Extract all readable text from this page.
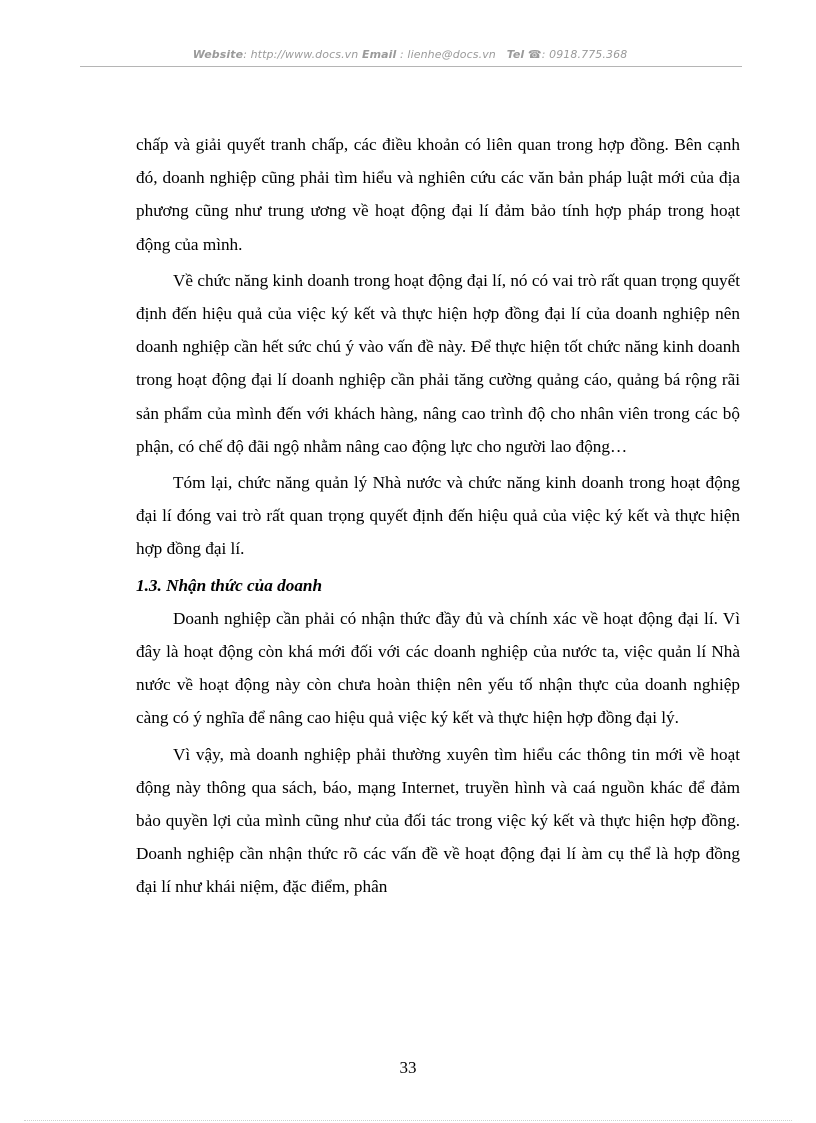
Website: http://www.docs.vn Email : lienhe@docs.vn Tel ☎: 0918.775.368

chấp và giải quyết tranh chấp, các điều khoản có liên quan trong hợp đồng. Bên cạnh đó, doanh nghiệp cũng phải tìm hiểu và nghiên cứu các văn bản pháp luật mới của địa phương cũng như trung ương về hoạt động đại lí đảm bảo tính hợp pháp trong hoạt động của mình.

Về chức năng kinh doanh trong hoạt động đại lí, nó có vai trò rất quan trọng quyết định đến hiệu quả của việc ký kết và thực hiện hợp đồng đại lí của doanh nghiệp nên doanh nghiệp cần hết sức chú ý vào vấn đề này. Để thực hiện tốt chức năng kinh doanh trong hoạt động đại lí doanh nghiệp cần phải tăng cường quảng cáo, quảng bá rộng rãi sản phẩm của mình đến với khách hàng, nâng cao trình độ cho nhân viên trong các bộ phận, có chế độ đãi ngộ nhằm nâng cao động lực cho người lao động…

Tóm lại, chức năng quản lý Nhà nước và chức năng kinh doanh trong hoạt động đại lí đóng vai trò rất quan trọng quyết định đến hiệu quả của việc ký kết và thực hiện hợp đồng đại lí.

1.3. Nhận thức của doanh

Doanh nghiệp cần phải có nhận thức đầy đủ và chính xác về hoạt động đại lí. Vì đây là hoạt động còn khá mới đối với các doanh nghiệp của nước ta, việc quản lí Nhà nước về hoạt động này còn chưa hoàn thiện nên yếu tố nhận thực của doanh nghiệp càng có ý nghĩa để nâng cao hiệu quả việc ký kết và thực hiện hợp đồng đại lý.

Vì vậy, mà doanh nghiệp phải thường xuyên tìm hiểu các thông tin mới về hoạt động này thông qua sách, báo, mạng Internet, truyền hình và caá nguồn khác để đảm bảo quyền lợi của mình cũng như của đối tác trong việc ký kết và thực hiện hợp đồng. Doanh nghiệp cần nhận thức rõ các vấn đề về hoạt động đại lí àm cụ thể là hợp đồng đại lí như khái niệm, đặc điểm, phân

33
